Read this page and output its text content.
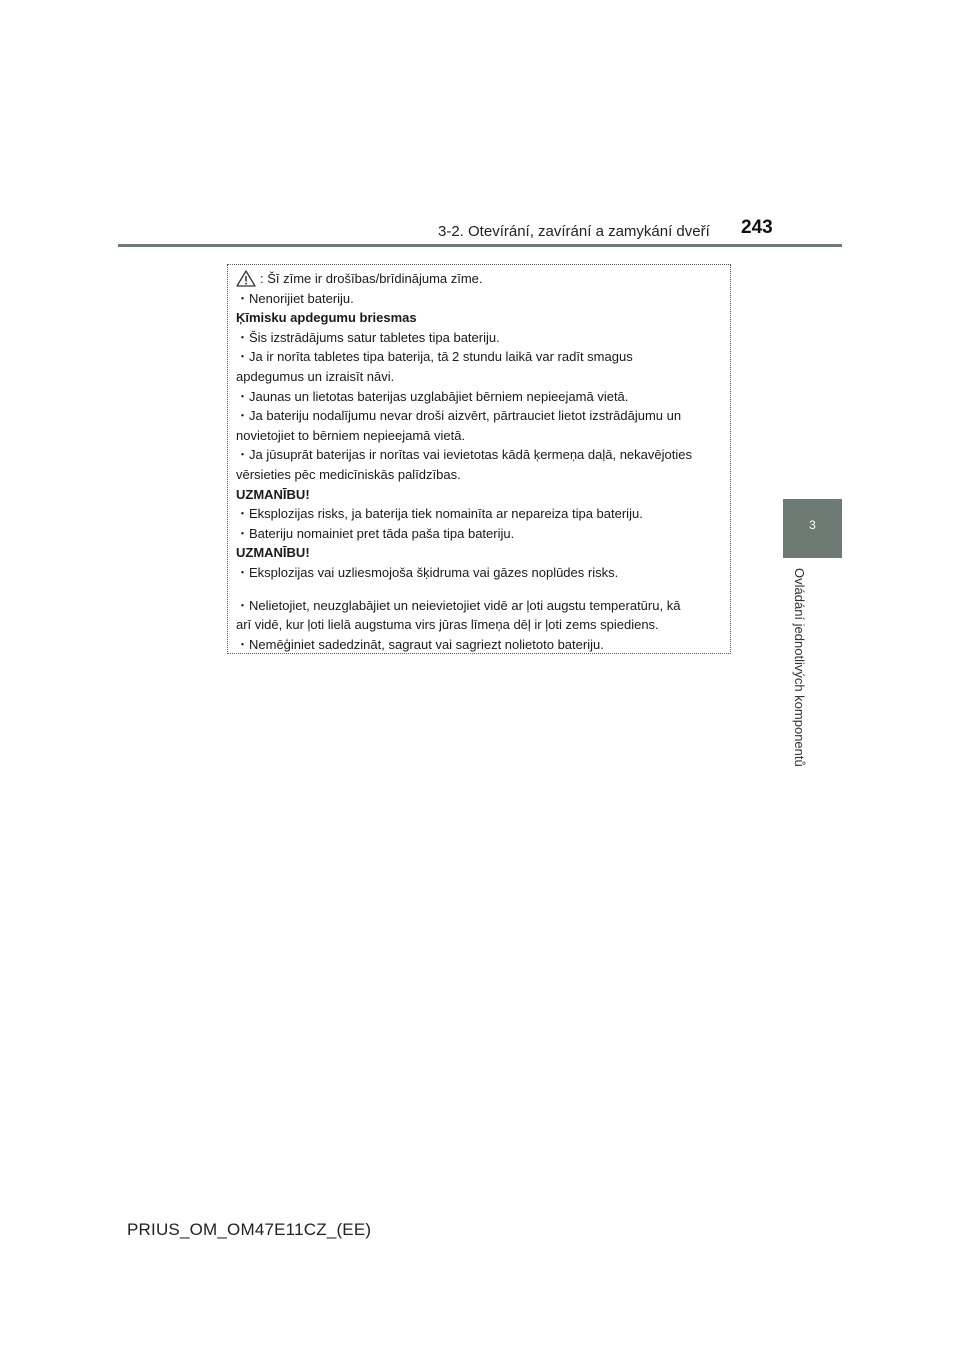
3-2. Otevírání, zavírání a zamykání dveří 243
3
Ovládání jednotlivých komponentů
: Šī zīme ir drošības/brīdinājuma zīme.
・Nenorijiet bateriju.
Ķīmisku apdegumu briesmas
・Šis izstrādājums satur tabletes tipa bateriju.
・Ja ir norīta tabletes tipa baterija, tā 2 stundu laikā var radīt smagus
apdegumus un izraisīt nāvi.
・Jaunas un lietotas baterijas uzglabājiet bērniem nepieejamā vietā.
・Ja bateriju nodalījumu nevar droši aizvērt, pārtrauciet lietot izstrādājumu un
novietojiet to bērniem nepieejamā vietā.
・Ja jūsuprāt baterijas ir norītas vai ievietotas kādā ķermeņa daļā, nekavējoties
vērsieties pēc medicīniskās palīdzības.
UZMANĪBU!
・Eksplozijas risks, ja baterija tiek nomainīta ar nepareiza tipa bateriju.
・Bateriju nomainiet pret tāda paša tipa bateriju.
UZMANĪBU!
・Eksplozijas vai uzliesmojoša šķidruma vai gāzes noplūdes risks.
・Nelietojiet, neuzglabājiet un neievietojiet vidē ar ļoti augstu temperatūru, kā
arī vidē, kur ļoti lielā augstuma virs jūras līmeņa dēļ ir ļoti zems spiediens.
・Nemēģiniet sadedzināt, sagraut vai sagriezt nolietoto bateriju.
PRIUS_OM_OM47E11CZ_(EE)
